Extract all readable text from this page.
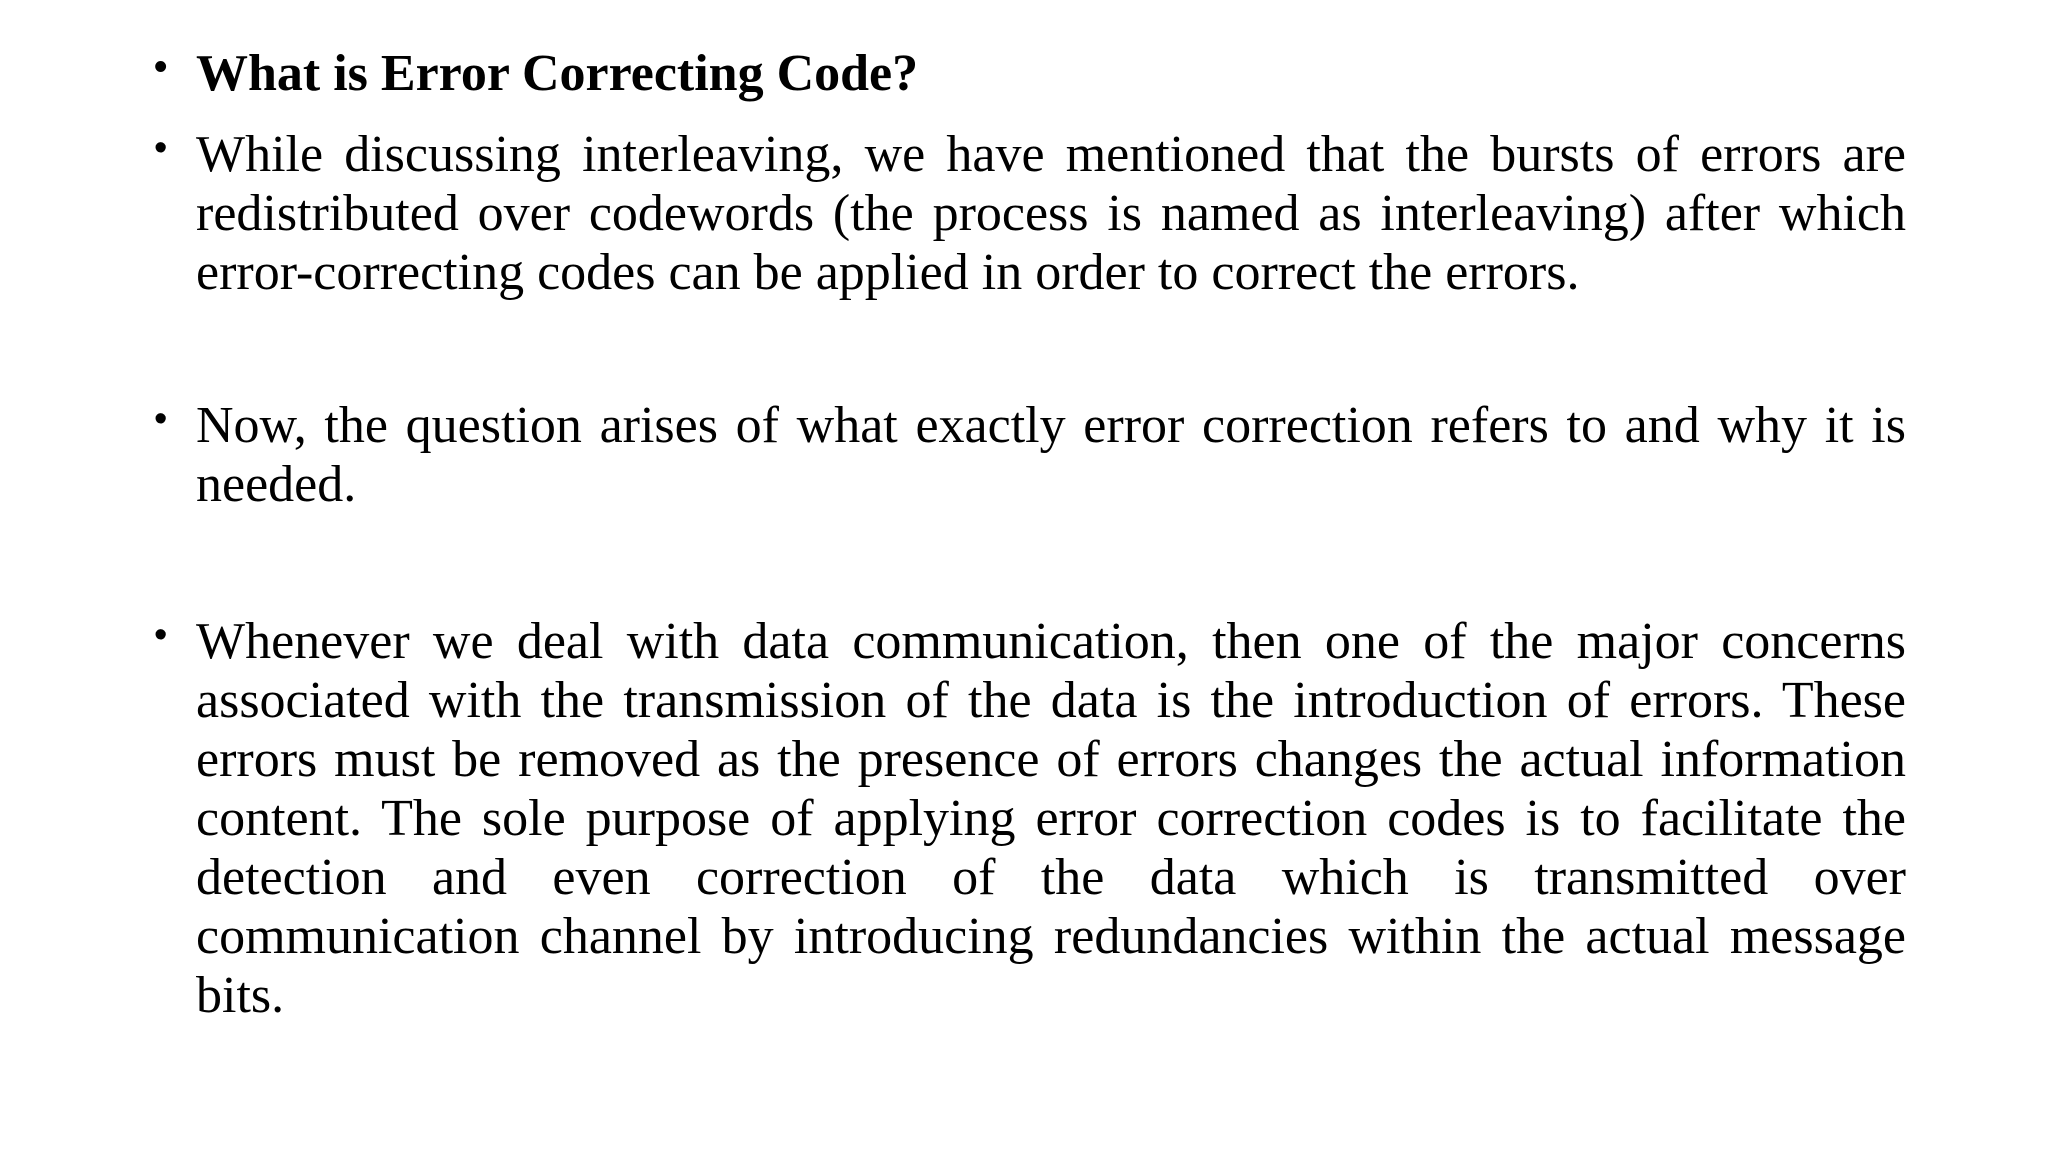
• What is Error Correcting Code?
• While discussing interleaving, we have mentioned that the bursts of errors are redistributed over codewords (the process is named as interleaving) after which error-correcting codes can be applied in order to correct the errors.
• Now, the question arises of what exactly error correction refers to and why it is needed.
• Whenever we deal with data communication, then one of the major concerns associated with the transmission of the data is the introduction of errors. These errors must be removed as the presence of errors changes the actual information content. The sole purpose of applying error correction codes is to facilitate the detection and even correction of the data which is transmitted over communication channel by introducing redundancies within the actual message bits.
